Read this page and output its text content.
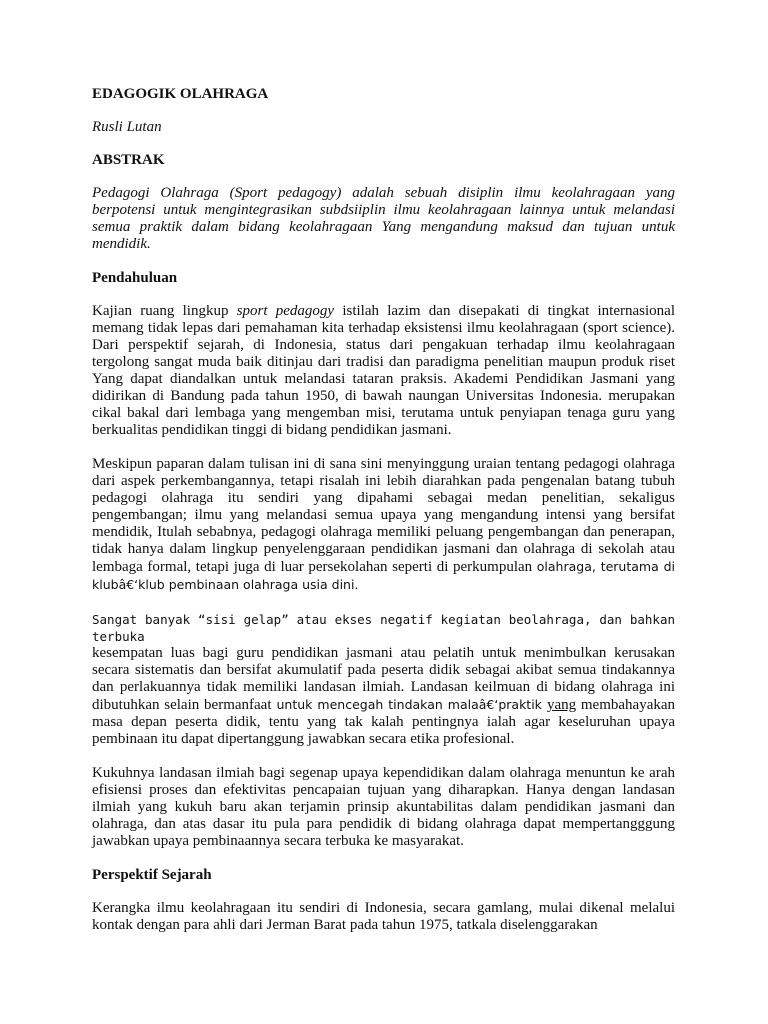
EDAGOGIK OLAHRAGA
Rusli Lutan
ABSTRAK
Pedagogi Olahraga (Sport pedagogy) adalah sebuah disiplin ilmu keolahragaan yang berpotensi untuk mengintegrasikan subdsiiplin ilmu keolahragaan lainnya untuk melandasi semua praktik dalam bidang keolahragaan Yang mengandung maksud dan tujuan untuk mendidik.
Pendahuluan
Kajian ruang lingkup sport pedagogy istilah lazim dan disepakati di tingkat internasional memang tidak lepas dari pemahaman kita terhadap eksistensi ilmu keolahragaan (sport science). Dari perspektif sejarah, di Indonesia, status dari pengakuan terhadap ilmu keolahragaan tergolong sangat muda baik ditinjau dari tradisi dan paradigma penelitian maupun produk riset Yang dapat diandalkan untuk melandasi tataran praksis. Akademi Pendidikan Jasmani yang didirikan di Bandung pada tahun 1950, di bawah naungan Universitas Indonesia. merupakan cikal bakal dari lembaga yang mengemban misi, terutama untuk penyiapan tenaga guru yang berkualitas pendidikan tinggi di bidang pendidikan jasmani.
Meskipun paparan dalam tulisan ini di sana sini menyinggung uraian tentang pedagogi olahraga dari aspek perkembangannya, tetapi risalah ini lebih diarahkan pada pengenalan batang tubuh pedagogi olahraga itu sendiri yang dipahami sebagai medan penelitian, sekaligus pengembangan; ilmu yang melandasi semua upaya yang mengandung intensi yang bersifat mendidik, Itulah sebabnya, pedagogi olahraga memiliki peluang pengembangan dan penerapan, tidak hanya dalam lingkup penyelenggaraan pendidikan jasmani dan olahraga di sekolah atau lembaga formal, tetapi juga di luar persekolahan seperti di perkumpulan olahraga, terutama di klubâ€‘klub pembinaan olahraga usia dini.
Sangat banyak “sisi gelap” atau ekses negatif kegiatan beolahraga, dan bahkan terbuka
kesempatan luas bagi guru pendidikan jasmani atau pelatih untuk menimbulkan kerusakan secara sistematis dan bersifat akumulatif pada peserta didik sebagai akibat semua tindakannya dan perlakuannya tidak memiliki landasan ilmiah. Landasan keilmuan di bidang olahraga ini dibutuhkan selain bermanfaat untuk mencegah tindakan malaâ€‘praktik yang membahayakan masa depan peserta didik, tentu yang tak kalah pentingnya ialah agar keseluruhan upaya pembinaan itu dapat dipertanggung jawabkan secara etika profesional.
Kukuhnya landasan ilmiah bagi segenap upaya kependidikan dalam olahraga menuntun ke arah efisiensi proses dan efektivitas pencapaian tujuan yang diharapkan. Hanya dengan landasan ilmiah yang kukuh baru akan terjamin prinsip akuntabilitas dalam pendidikan jasmani dan olahraga, dan atas dasar itu pula para pendidik di bidang olahraga dapat mempertangggung jawabkan upaya pembinaannya secara terbuka ke masyarakat.
Perspektif Sejarah
Kerangka ilmu keolahragaan itu sendiri di Indonesia, secara gamlang, mulai dikenal melalui kontak dengan para ahli dari Jerman Barat pada tahun 1975, tatkala diselenggarakan
